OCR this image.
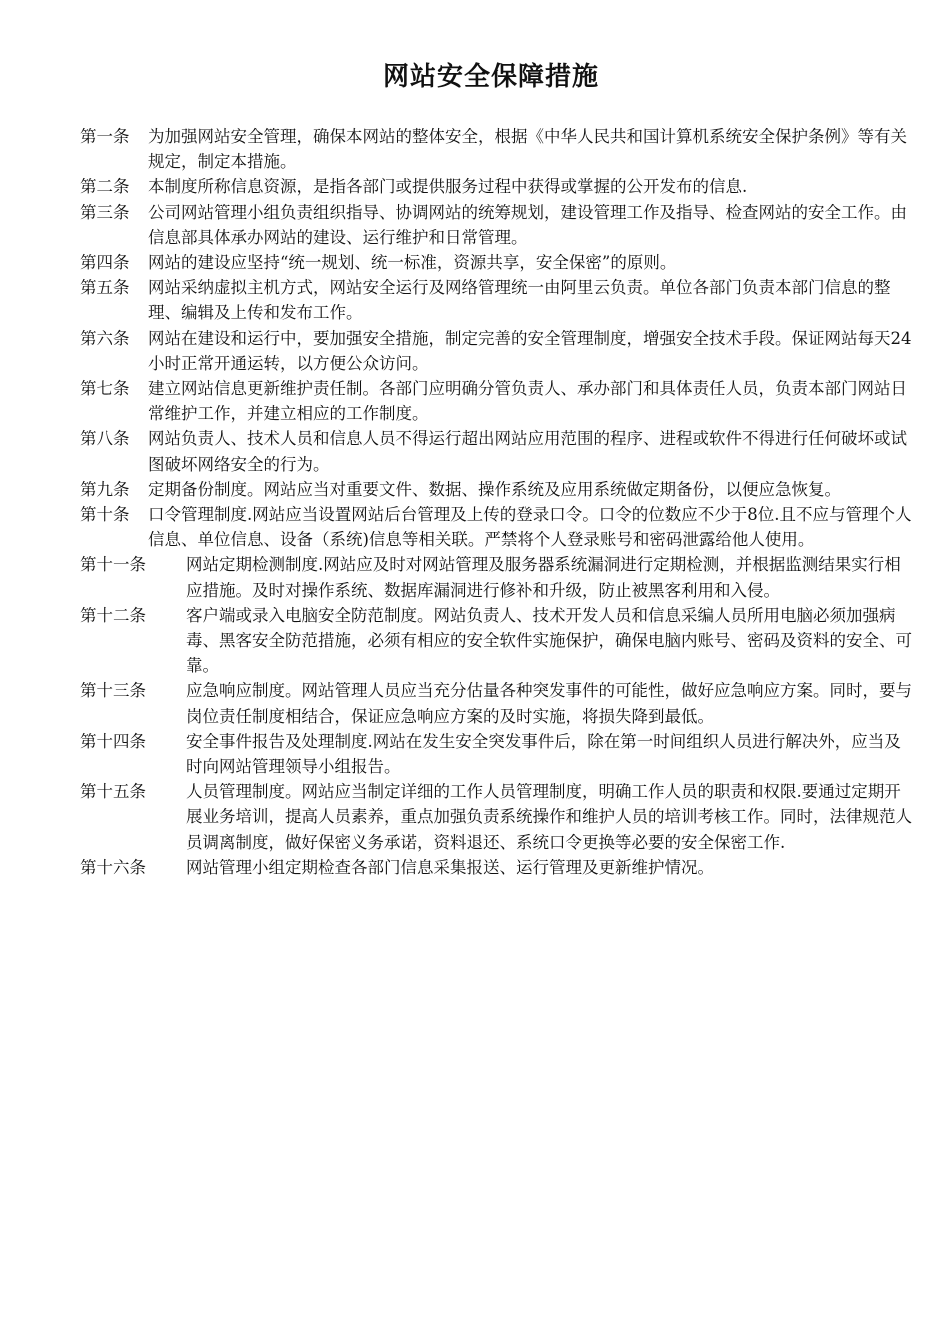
网站安全保障措施
第一条	为加强网站安全管理，确保本网站的整体安全，根据《中华人民共和国计算机系统安全保护条例》等有关规定，制定本措施。
第二条	本制度所称信息资源，是指各部门或提供服务过程中获得或掌握的公开发布的信息.
第三条	公司网站管理小组负责组织指导、协调网站的统筹规划，建设管理工作及指导、检查网站的安全工作。由信息部具体承办网站的建设、运行维护和日常管理。
第四条	网站的建设应坚持“统一规划、统一标准，资源共享，安全保密”的原则。
第五条	网站采纳虚拟主机方式，网站安全运行及网络管理统一由阿里云负责。单位各部门负责本部门信息的整理、编辑及上传和发布工作。
第六条	网站在建设和运行中，要加强安全措施，制定完善的安全管理制度，增强安全技术手段。保证网站每天24小时正常开通运转，以方便公众访问。
第七条	建立网站信息更新维护责任制。各部门应明确分管负责人、承办部门和具体责任人员，负责本部门网站日常维护工作，并建立相应的工作制度。
第八条	网站负责人、技术人员和信息人员不得运行超出网站应用范围的程序、进程或软件不得进行任何破坏或试图破坏网络安全的行为。
第九条	定期备份制度。网站应当对重要文件、数据、操作系统及应用系统做定期备份，以便应急恢复。
第十条	口令管理制度.网站应当设置网站后台管理及上传的登录口令。口令的位数应不少于8位.且不应与管理个人信息、单位信息、设备（系统)信息等相关联。严禁将个人登录账号和密码泄露给他人使用。
第十一条	网站定期检测制度.网站应及时对网站管理及服务器系统漏洞进行定期检测，并根据监测结果实行相应措施。及时对操作系统、数据库漏洞进行修补和升级，防止被黑客利用和入侵。
第十二条	客户端或录入电脑安全防范制度。网站负责人、技术开发人员和信息采编人员所用电脑必须加强病毒、黑客安全防范措施，必须有相应的安全软件实施保护，确保电脑内账号、密码及资料的安全、可靠。
第十三条	应急响应制度。网站管理人员应当充分估量各种突发事件的可能性，做好应急响应方案。同时，要与岗位责任制度相结合，保证应急响应方案的及时实施，将损失降到最低。
第十四条	安全事件报告及处理制度.网站在发生安全突发事件后，除在第一时间组织人员进行解决外，应当及时向网站管理领导小组报告。
第十五条	人员管理制度。网站应当制定详细的工作人员管理制度，明确工作人员的职责和权限.要通过定期开展业务培训，提高人员素养，重点加强负责系统操作和维护人员的培训考核工作。同时，法律规范人员调离制度，做好保密义务承诺，资料退还、系统口令更换等必要的安全保密工作.
第十六条	网站管理小组定期检查各部门信息采集报送、运行管理及更新维护情况。
